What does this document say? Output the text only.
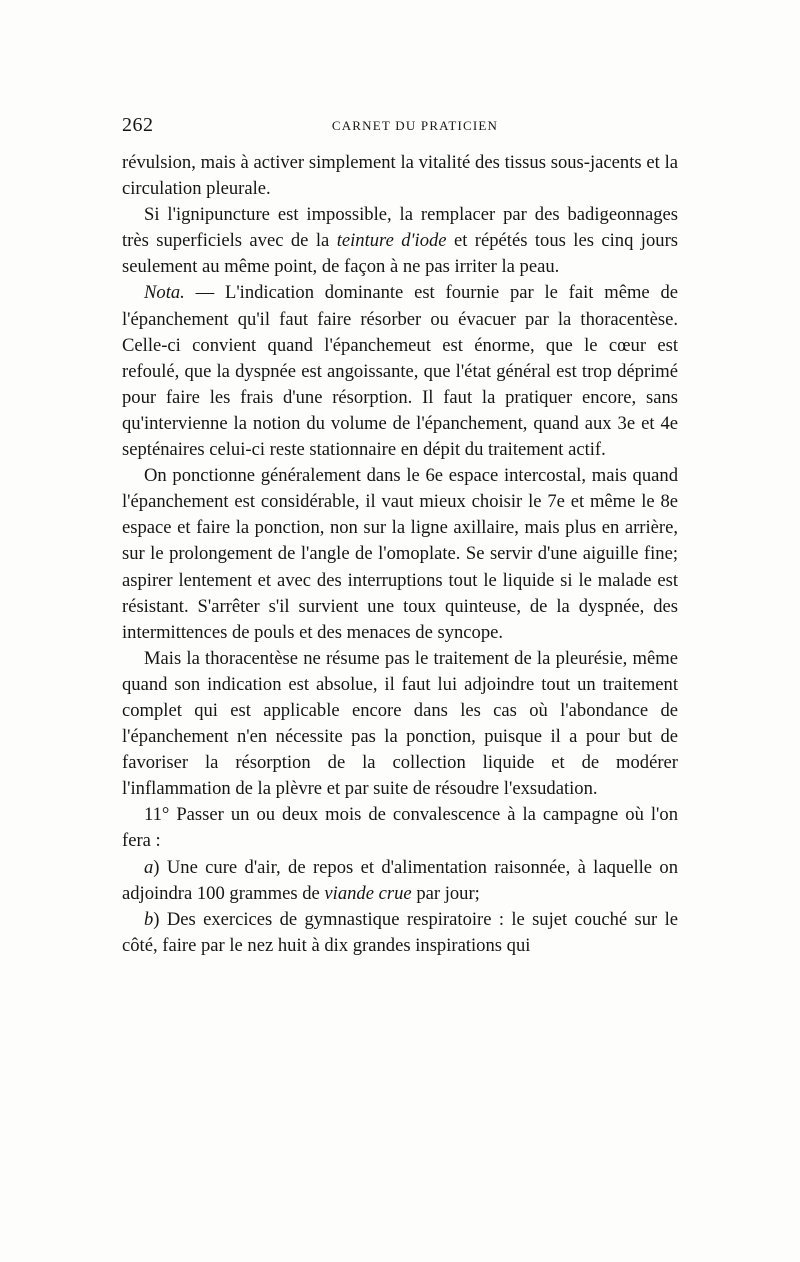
262	CARNET DU PRATICIEN

révulsion, mais à activer simplement la vitalité des tissus sous-jacents et la circulation pleurale.

Si l'ignipuncture est impossible, la remplacer par des badigeonnages très superficiels avec de la teinture d'iode et répétés tous les cinq jours seulement au même point, de façon à ne pas irriter la peau.

Nota. — L'indication dominante est fournie par le fait même de l'épanchement qu'il faut faire résorber ou évacuer par la thoracentèse. Celle-ci convient quand l'épanchemeut est énorme, que le cœur est refoulé, que la dyspnée est angoissante, que l'état général est trop déprimé pour faire les frais d'une résorption. Il faut la pratiquer encore, sans qu'intervienne la notion du volume de l'épanchement, quand aux 3e et 4e septénaires celui-ci reste stationnaire en dépit du traitement actif.

On ponctionne généralement dans le 6e espace intercostal, mais quand l'épanchement est considérable, il vaut mieux choisir le 7e et même le 8e espace et faire la ponction, non sur la ligne axillaire, mais plus en arrière, sur le prolongement de l'angle de l'omoplate. Se servir d'une aiguille fine; aspirer lentement et avec des interruptions tout le liquide si le malade est résistant. S'arrêter s'il survient une toux quinteuse, de la dyspnée, des intermittences de pouls et des menaces de syncope.

Mais la thoracentèse ne résume pas le traitement de la pleurésie, même quand son indication est absolue, il faut lui adjoindre tout un traitement complet qui est applicable encore dans les cas où l'abondance de l'épanchement n'en nécessite pas la ponction, puisque il a pour but de favoriser la résorption de la collection liquide et de modérer l'inflammation de la plèvre et par suite de résoudre l'exsudation.

11° Passer un ou deux mois de convalescence à la campagne où l'on fera :

a) Une cure d'air, de repos et d'alimentation raisonnée, à laquelle on adjoindra 100 grammes de viande crue par jour;

b) Des exercices de gymnastique respiratoire : le sujet couché sur le côté, faire par le nez huit à dix grandes inspirations qui
